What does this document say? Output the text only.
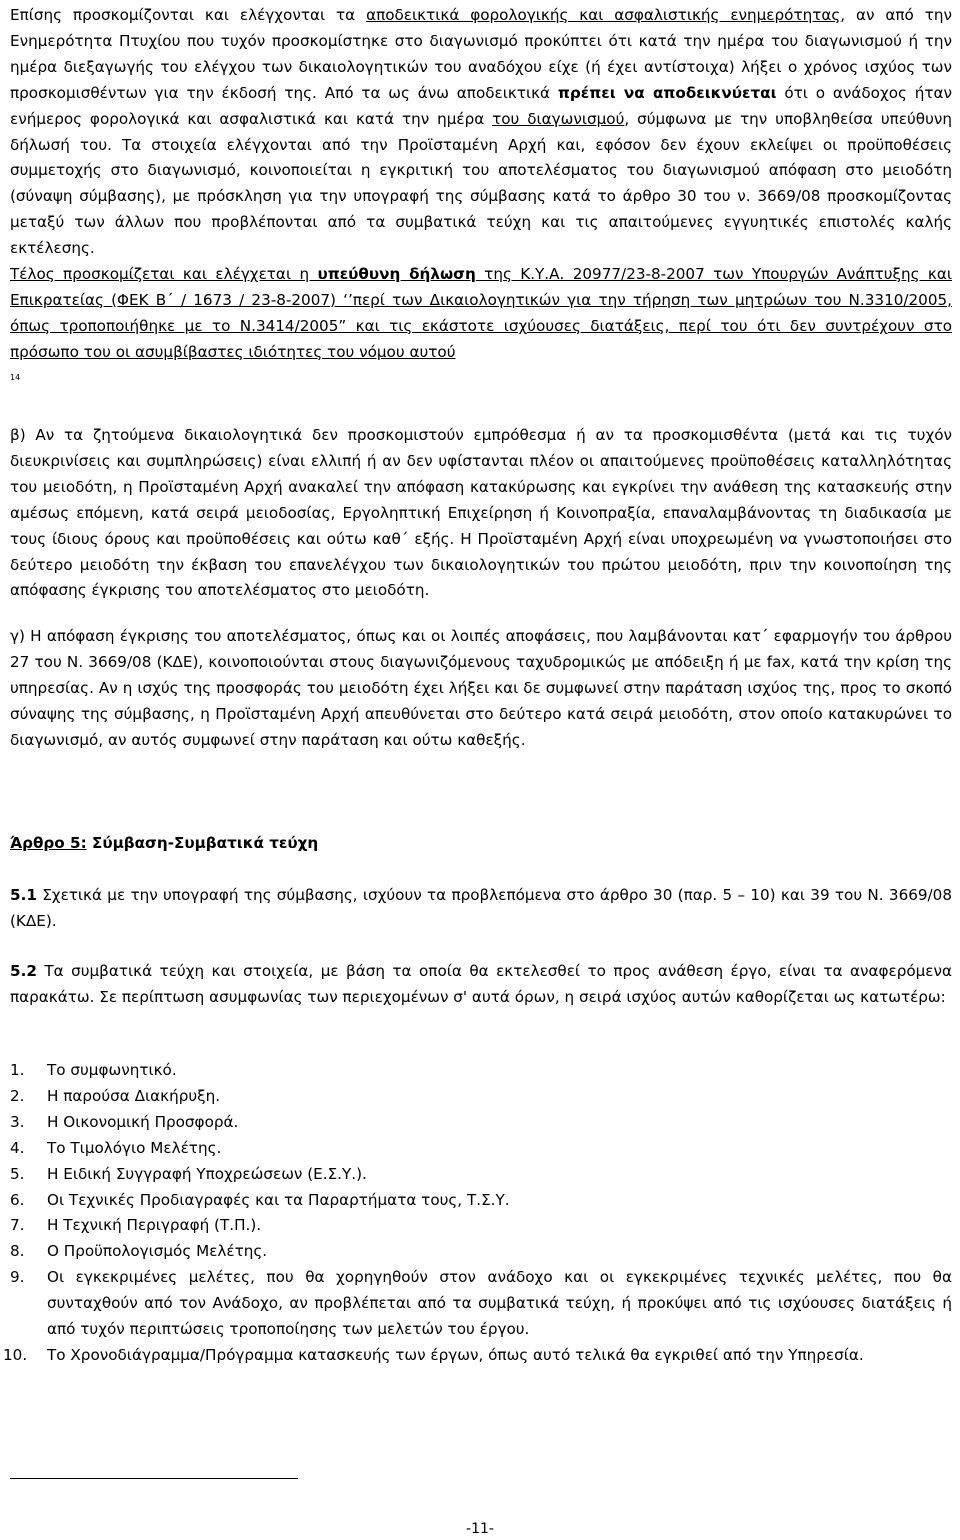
Επίσης προσκομίζονται και ελέγχονται τα αποδεικτικά φορολογικής και ασφαλιστικής ενημερότητας, αν από την Ενημερότητα Πτυχίου που τυχόν προσκομίστηκε στο διαγωνισμό προκύπτει ότι κατά την ημέρα του διαγωνισμού ή την ημέρα διεξαγωγής του ελέγχου των δικαιολογητικών του αναδόχου είχε (ή έχει αντίστοιχα) λήξει ο χρόνος ισχύος των προσκομισθέντων για την έκδοσή της. Από τα ως άνω αποδεικτικά πρέπει να αποδεικνύεται ότι ο ανάδοχος ήταν ενήμερος φορολογικά και ασφαλιστικά και κατά την ημέρα του διαγωνισμού, σύμφωνα με την υποβληθείσα υπεύθυνη δήλωσή του. Τα στοιχεία ελέγχονται από την Προϊσταμένη Αρχή και, εφόσον δεν έχουν εκλείψει οι προϋποθέσεις συμμετοχής στο διαγωνισμό, κοινοποιείται η εγκριτική του αποτελέσματος του διαγωνισμού απόφαση στο μειοδότη (σύναψη σύμβασης), με πρόσκληση για την υπογραφή της σύμβασης κατά το άρθρο 30 του ν. 3669/08 προσκομίζοντας μεταξύ των άλλων που προβλέπονται από τα συμβατικά τεύχη και τις απαιτούμενες εγγυητικές επιστολές καλής εκτέλεσης.

Τέλος προσκομίζεται και ελέγχεται η υπεύθυνη δήλωση της Κ.Υ.Α. 20977/23-8-2007 των Υπουργών Ανάπτυξης και Επικρατείας (ΦΕΚ Β΄ / 1673 / 23-8-2007) ‘’περί των Δικαιολογητικών για την τήρηση των μητρώων του Ν.3310/2005, όπως τροποποιήθηκε με το Ν.3414/2005” και τις εκάστοτε ισχύουσες διατάξεις, περί του ότι δεν συντρέχουν στο πρόσωπο του οι ασυμβίβαστες ιδιότητες του νόμου αυτού

14

β) Αν τα ζητούμενα δικαιολογητικά δεν προσκομιστούν εμπρόθεσμα ή αν τα προσκομισθέντα (μετά και τις τυχόν διευκρινίσεις και συμπληρώσεις) είναι ελλιπή ή αν δεν υφίστανται πλέον οι απαιτούμενες προϋποθέσεις καταλληλότητας του μειοδότη, η Προϊσταμένη Αρχή ανακαλεί την απόφαση κατακύρωσης και εγκρίνει την ανάθεση της κατασκευής στην αμέσως επόμενη, κατά σειρά μειοδοσίας, Εργοληπτική Επιχείρηση ή Κοινοπραξία, επαναλαμβάνοντας τη διαδικασία με τους ίδιους όρους και προϋποθέσεις και ούτω καθ΄ εξής. Η Προϊσταμένη Αρχή είναι υποχρεωμένη να γνωστοποιήσει στο δεύτερο μειοδότη την έκβαση του επανελέγχου των δικαιολογητικών του πρώτου μειοδότη, πριν την κοινοποίηση της απόφασης έγκρισης του αποτελέσματος στο μειοδότη.

γ) Η απόφαση έγκρισης του αποτελέσματος, όπως και οι λοιπές αποφάσεις, που λαμβάνονται κατ΄ εφαρμογήν του άρθρου 27 του Ν. 3669/08 (ΚΔΕ), κοινοποιούνται στους διαγωνιζόμενους ταχυδρομικώς με απόδειξη ή με fax, κατά την κρίση της υπηρεσίας. Αν η ισχύς της προσφοράς του μειοδότη έχει λήξει και δε συμφωνεί στην παράταση ισχύος της, προς το σκοπό σύναψης της σύμβασης, η Προϊσταμένη Αρχή απευθύνεται στο δεύτερο κατά σειρά μειοδότη, στον οποίο κατακυρώνει το διαγωνισμό, αν αυτός συμφωνεί στην παράταση και ούτω καθεξής.

Άρθρο 5: Σύμβαση-Συμβατικά τεύχη

5.1 Σχετικά με την υπογραφή της σύμβασης, ισχύουν τα προβλεπόμενα στο άρθρο 30 (παρ. 5 – 10) και 39 του Ν. 3669/08 (ΚΔΕ).

5.2 Τα συμβατικά τεύχη και στοιχεία, με βάση τα οποία θα εκτελεσθεί το προς ανάθεση έργο, είναι τα αναφερόμενα παρακάτω. Σε περίπτωση ασυμφωνίας των περιεχομένων σ' αυτά όρων, η σειρά ισχύος αυτών καθορίζεται ως κατωτέρω:

1. Το συμφωνητικό.
2. Η παρούσα Διακήρυξη.
3. Η Οικονομική Προσφορά.
4. Το Τιμολόγιο Μελέτης.
5. Η Ειδική Συγγραφή Υποχρεώσεων (Ε.Σ.Υ.).
6. Οι Τεχνικές Προδιαγραφές και τα Παραρτήματα τους, Τ.Σ.Υ.
7. Η Τεχνική Περιγραφή (Τ.Π.).
8. Ο Προϋπολογισμός Μελέτης.
9. Οι εγκεκριμένες μελέτες, που θα χορηγηθούν στον ανάδοχο και οι εγκεκριμένες τεχνικές μελέτες, που θα συνταχθούν από τον Ανάδοχο, αν προβλέπεται από τα συμβατικά τεύχη, ή προκύψει από τις ισχύουσες διατάξεις ή από τυχόν περιπτώσεις τροποποίησης των μελετών του έργου.
10. Το Χρονοδιάγραμμα/Πρόγραμμα κατασκευής των έργων, όπως αυτό τελικά θα εγκριθεί από την Υπηρεσία.
-11-
